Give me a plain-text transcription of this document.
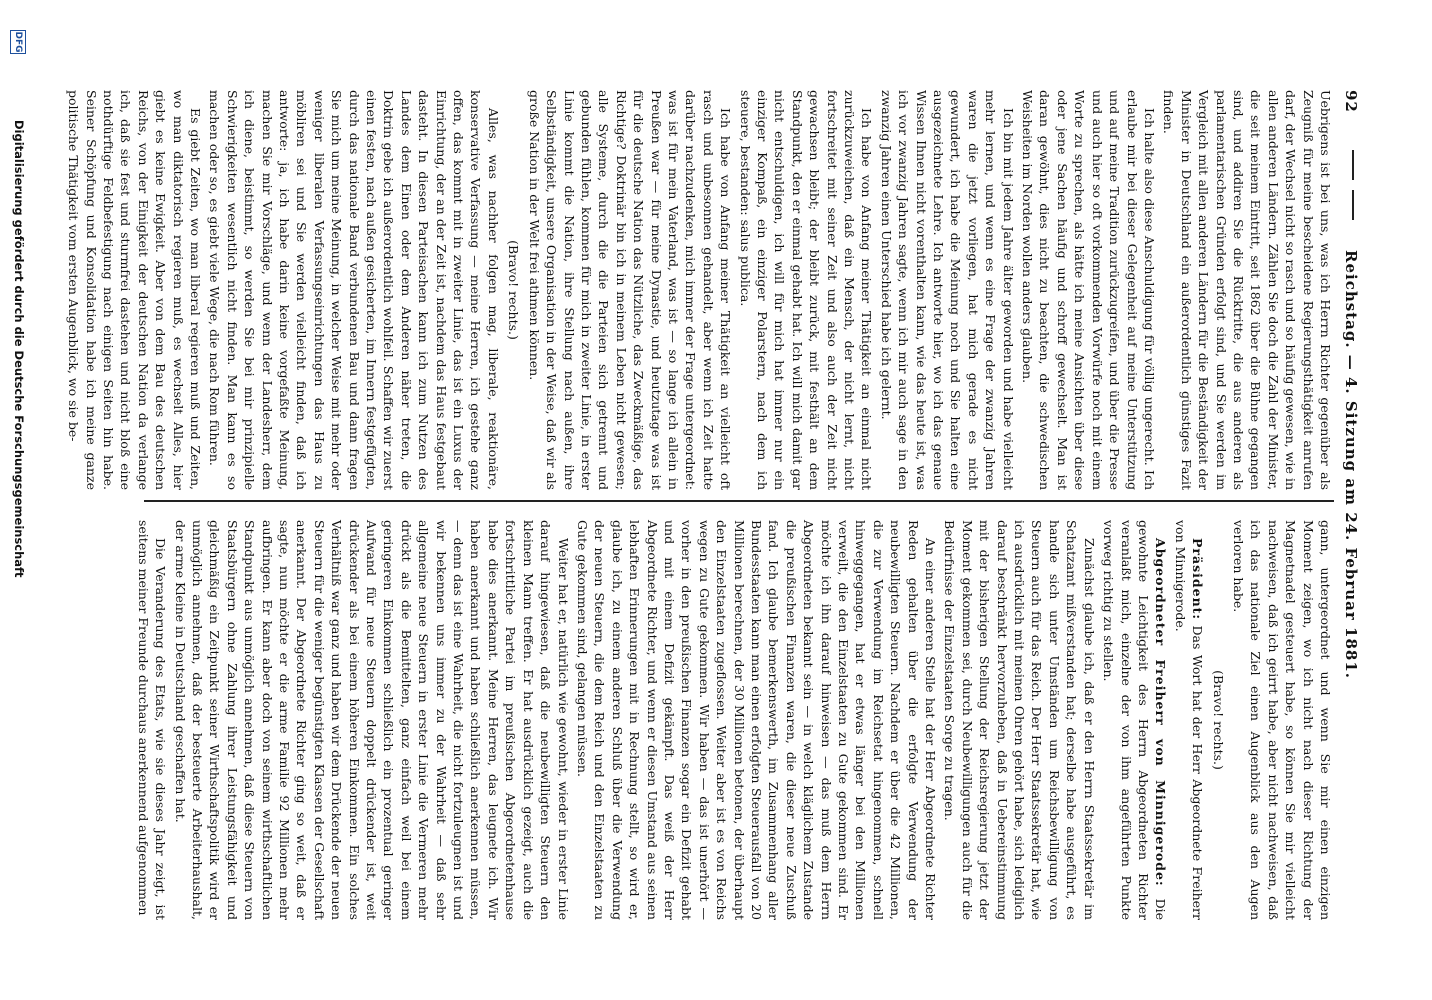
92
Reichstag. — 4. Sitzung am 24. Februar 1881.

Uebrigens ist bei uns, was ich Herrn Richter gegenüber als Zeugniß für meine bescheidene Regierungsthätigkeit anrufen darf, der Wechsel nicht so rasch und so häufig gewesen, wie in allen anderen Ländern. Zählen Sie doch die Zahl der Minister, die seit meinem Eintritt, seit 1862 über die Bühne gegangen sind, und addiren Sie die Rücktritte, die aus anderen als parlamentarischen Gründen erfolgt sind, und Sie werden im Vergleich mit allen anderen Ländern für die Beständigkeit der Minister in Deutschland ein außerordentlich günstiges Fazit finden.

Ich halte also diese Anschuldigung für völlig ungerecht. Ich erlaube mir bei dieser Gelegenheit auf meine Unterstützung und auf meine Tradition zurückzugreifen, und über die Presse und auch hier so oft vorkommenden Vorwürfe noch mit einem Worte zu sprechen, als hätte ich meine Ansichten über diese oder jene Sachen häufig und schroff gewechselt. Man ist daran gewöhnt, dies nicht zu beachten, die schwedischen Weisheiten im Norden wollen anders glauben.

Ich bin mit jedem Jahre älter geworden und habe vielleicht mehr lernen, und wenn es eine Frage der zwanzig Jahren waren die jetzt vorliegen, hat mich gerade es nicht gewundert, ich habe die Meinung noch und Sie halten eine ausgezeichnete Lehre. Ich antworte hier, wo ich das genaue Wissen Ihnen nicht vorenthalten kann, wie das heute ist, was ich vor zwanzig Jahren sagte, wenn ich mir auch sage in den zwanzig Jahren einen Unterschied habe ich gelernt.

Ich habe von Anfang meiner Thätigkeit an einmal nicht zurückzuweichen, daß ein Mensch, der nicht lernt, nicht fortschreitet mit seiner Zeit und also auch der Zeit nicht gewachsen bleibt; der bleibt zurück, mit festhält an dem Standpunkt, den er einmal gehabt hat. Ich will mich damit gar nicht entschuldigen, ich will für mich hat immer nur ein einziger Kompaß, ein einziger Polarstern, nach dem ich steuere, bestanden: salus publica.

Ich habe von Anfang meiner Thätigkeit an vielleicht oft rasch und unbesonnen gehandelt, aber wenn ich Zeit hatte darüber nachzudenken, mich immer der Frage untergeordnet: was ist für mein Vaterland, was ist — so lange ich allein in Preußen war — für meine Dynastie, und heutzutage was ist für die deutsche Nation das Nützliche, das Zweckmäßige, das Richtige? Doktrinär bin ich in meinem Leben nicht gewesen; alle Systeme, durch die die Parteien sich getrennt und gebunden fühlen, kommen für mich in zweiter Linie, in erster Linie kommt die Nation, ihre Stellung nach außen, ihre Selbständigkeit, unsere Organisation in der Weise, daß wir als große Nation in der Welt frei athmen können.

(Bravo! rechts.)

Alles, was nachher folgen mag, liberale, reaktionäre, konservative Verfassung — meine Herren, ich gestehe ganz offen, das kommt mit in zweiter Linie, das ist ein Luxus der Einrichtung, der an der Zeit ist, nachdem das Haus festgebaut dasteht. In diesen Parteisachen kann ich zum Nutzen des Landes dem Einen oder dem Anderen näher treten, die Doktrin gebe ich außerordentlich wohlfeil. Schaffen wir zuerst einen festen, nach außen gesicherten, im Innern festgefügten, durch das nationale Band verbundenen Bau und dann fragen Sie mich um meine Meinung, in welcher Weise mit mehr oder weniger liberalen Verfassungseinrichtungen das Haus zu möbliren sei und Sie werden vielleicht finden, daß ich antworte: ja, ich habe darin keine vorgefaßte Meinung, machen Sie mir Vorschläge, und wenn der Landesherr, dem ich diene, beistimmt, so werden Sie bei mir prinzipielle Schwierigkeiten wesentlich nicht finden. Man kann es so machen oder so, es giebt viele Wege, die nach Rom führen.

Es giebt Zeiten, wo man liberal regieren muß und Zeiten, wo man diktatorisch regieren muß, es wechselt Alles, hier giebt es keine Ewigkeit. Aber von dem Bau des deutschen Reichs, von der Einigkeit der deutschen Nation da verlange ich, daß sie fest und sturmfrei dastehen und nicht bloß eine nothdürftige Feldbefestigung nach einigen Seiten hin habe. Seiner Schöpfung und Konsolidation habe ich meine ganze politische Thätigkeit vom ersten Augenblick, wo sie be-

gann, untergeordnet und wenn Sie mir einen einzigen Moment zeigen, wo ich nicht nach dieser Richtung der Magnetnadel gesteuert habe, so können Sie mir vielleicht nachweisen, daß ich geirrt habe, aber nicht nachweisen, daß ich das nationale Ziel einen Augenblick aus den Augen verloren habe.

(Bravo! rechts.)

Präsident: Das Wort hat der Herr Abgeordnete Freiherr von Minnigerode.

Abgeordneter Freiherr von Minnigerode: Die gewohnte Leichtigkeit des Herrn Abgeordneten Richter veranlaßt mich, einzelne der von ihm angeführten Punkte vorweg richtig zu stellen.

Zunächst glaube ich, daß er den Herrn Staatssekretär im Schatzamt mißverstanden hat; derselbe habe ausgeführt, es handle sich unter Umständen um Reichsbewilligung von Steuern auch für das Reich. Der Herr Staatssekretär hat, wie ich ausdrücklich mit meinen Ohren gehört habe, sich lediglich darauf beschränkt hervorzuheben, daß in Uebereinstimmung mit der bisherigen Stellung der Reichsregierung jetzt der Moment gekommen sei, durch Neubewilligungen auch für die Bedürfnisse der Einzelstaaten Sorge zu tragen.

An einer anderen Stelle hat der Herr Abgeordnete Richter Reden gehalten über die erfolgte Verwendung der neubewilligten Steuern. Nachdem er über die 42 Millionen, die zur Verwendung im Reichsetat hingenommen, schnell hinweggegangen, hat er etwas länger bei den Millionen verweilt, die den Einzelstaaten zu Gute gekommen sind. Er möchte ich ihn darauf hinweisen — das muß dem Herrn Abgeordneten bekannt sein — in welch kläglichem Zustande die preußischen Finanzen waren, die dieser neue Zuschuß fand. Ich glaube bemerkenswerth, im Zusammenhang aller Bundesstaaten kann man einen erfolgten Steuerausfall von 20 Millionen berechnen, der 30 Millionen betonen, der überhaupt den Einzelstaaten zugeflossen. Weiter aber ist es von Reichs wegen zu Gute gekommen. Wir haben — das ist unerhört — vorher in den preußischen Finanzen sogar ein Defizit gehabt und mit einem Defizit gekämpft. Das weiß der Herr Abgeordnete Richter, und wenn er diesen Umstand aus seinen lebhaften Erinnerungen mit in Rechnung stellt, so wird er, glaube ich, zu einem anderen Schluß über die Verwendung der neuen Steuern, die dem Reich und den Einzelstaaten zu Gute gekommen sind, gelangen müssen.

Weiter hat er, natürlich wie gewohnt, wieder in erster Linie darauf hingewiesen, daß die neubewilligten Steuern den kleinen Mann treffen. Er hat ausdrücklich gezeigt, auch die fortschrittliche Partei im preußischen Abgeordnetenhause habe dies anerkannt. Meine Herren, das leugnete ich. Wir haben anerkannt und haben schließlich anerkennen müssen, — denn das ist eine Wahrheit, die nicht fortzuleugnen ist und wir bekennen uns immer zu der Wahrheit — daß sehr allgemeine neue Steuern in erster Linie die Vermeren mehr drückt als die Bemittelten, ganz einfach weil bei einem geringeren Einkommen schließlich ein prozentual geringer Aufwand für neue Steuern doppelt drückender ist, weit drückender als bei einem höheren Einkommen. Ein solches Verhältniß war ganz und haben wir dem Drückende der neuen Steuern für die weniger begünstigten Klassen der Gesellschaft anerkannt. Der Abgeordnete Richter ging so weit, daß er sagte, nun möchte er die arme Familie 92 Millionen mehr aufbringen. Er kann aber doch von seinem wirthschaftlichen Standpunkt aus unmöglich annehmen, daß diese Steuern von Staatsbürgern ohne Zahlung ihrer Leistungsfähigkeit und gleichmäßig ein Zeitpunkt seiner Wirthschaftspolitik wird er unmöglich annehmen, daß der besteuerte Arbeiterhaushalt, der arme Kleine in Deutschland geschaffen hat.

Die Veranderung des Etats, wie sie dieses Jahr zeigt, ist seitens meiner Freunde durchaus anerkennend aufgenommen

DFG
Digitalisierung gefördert durch die Deutsche Forschungsgemeinschaft
